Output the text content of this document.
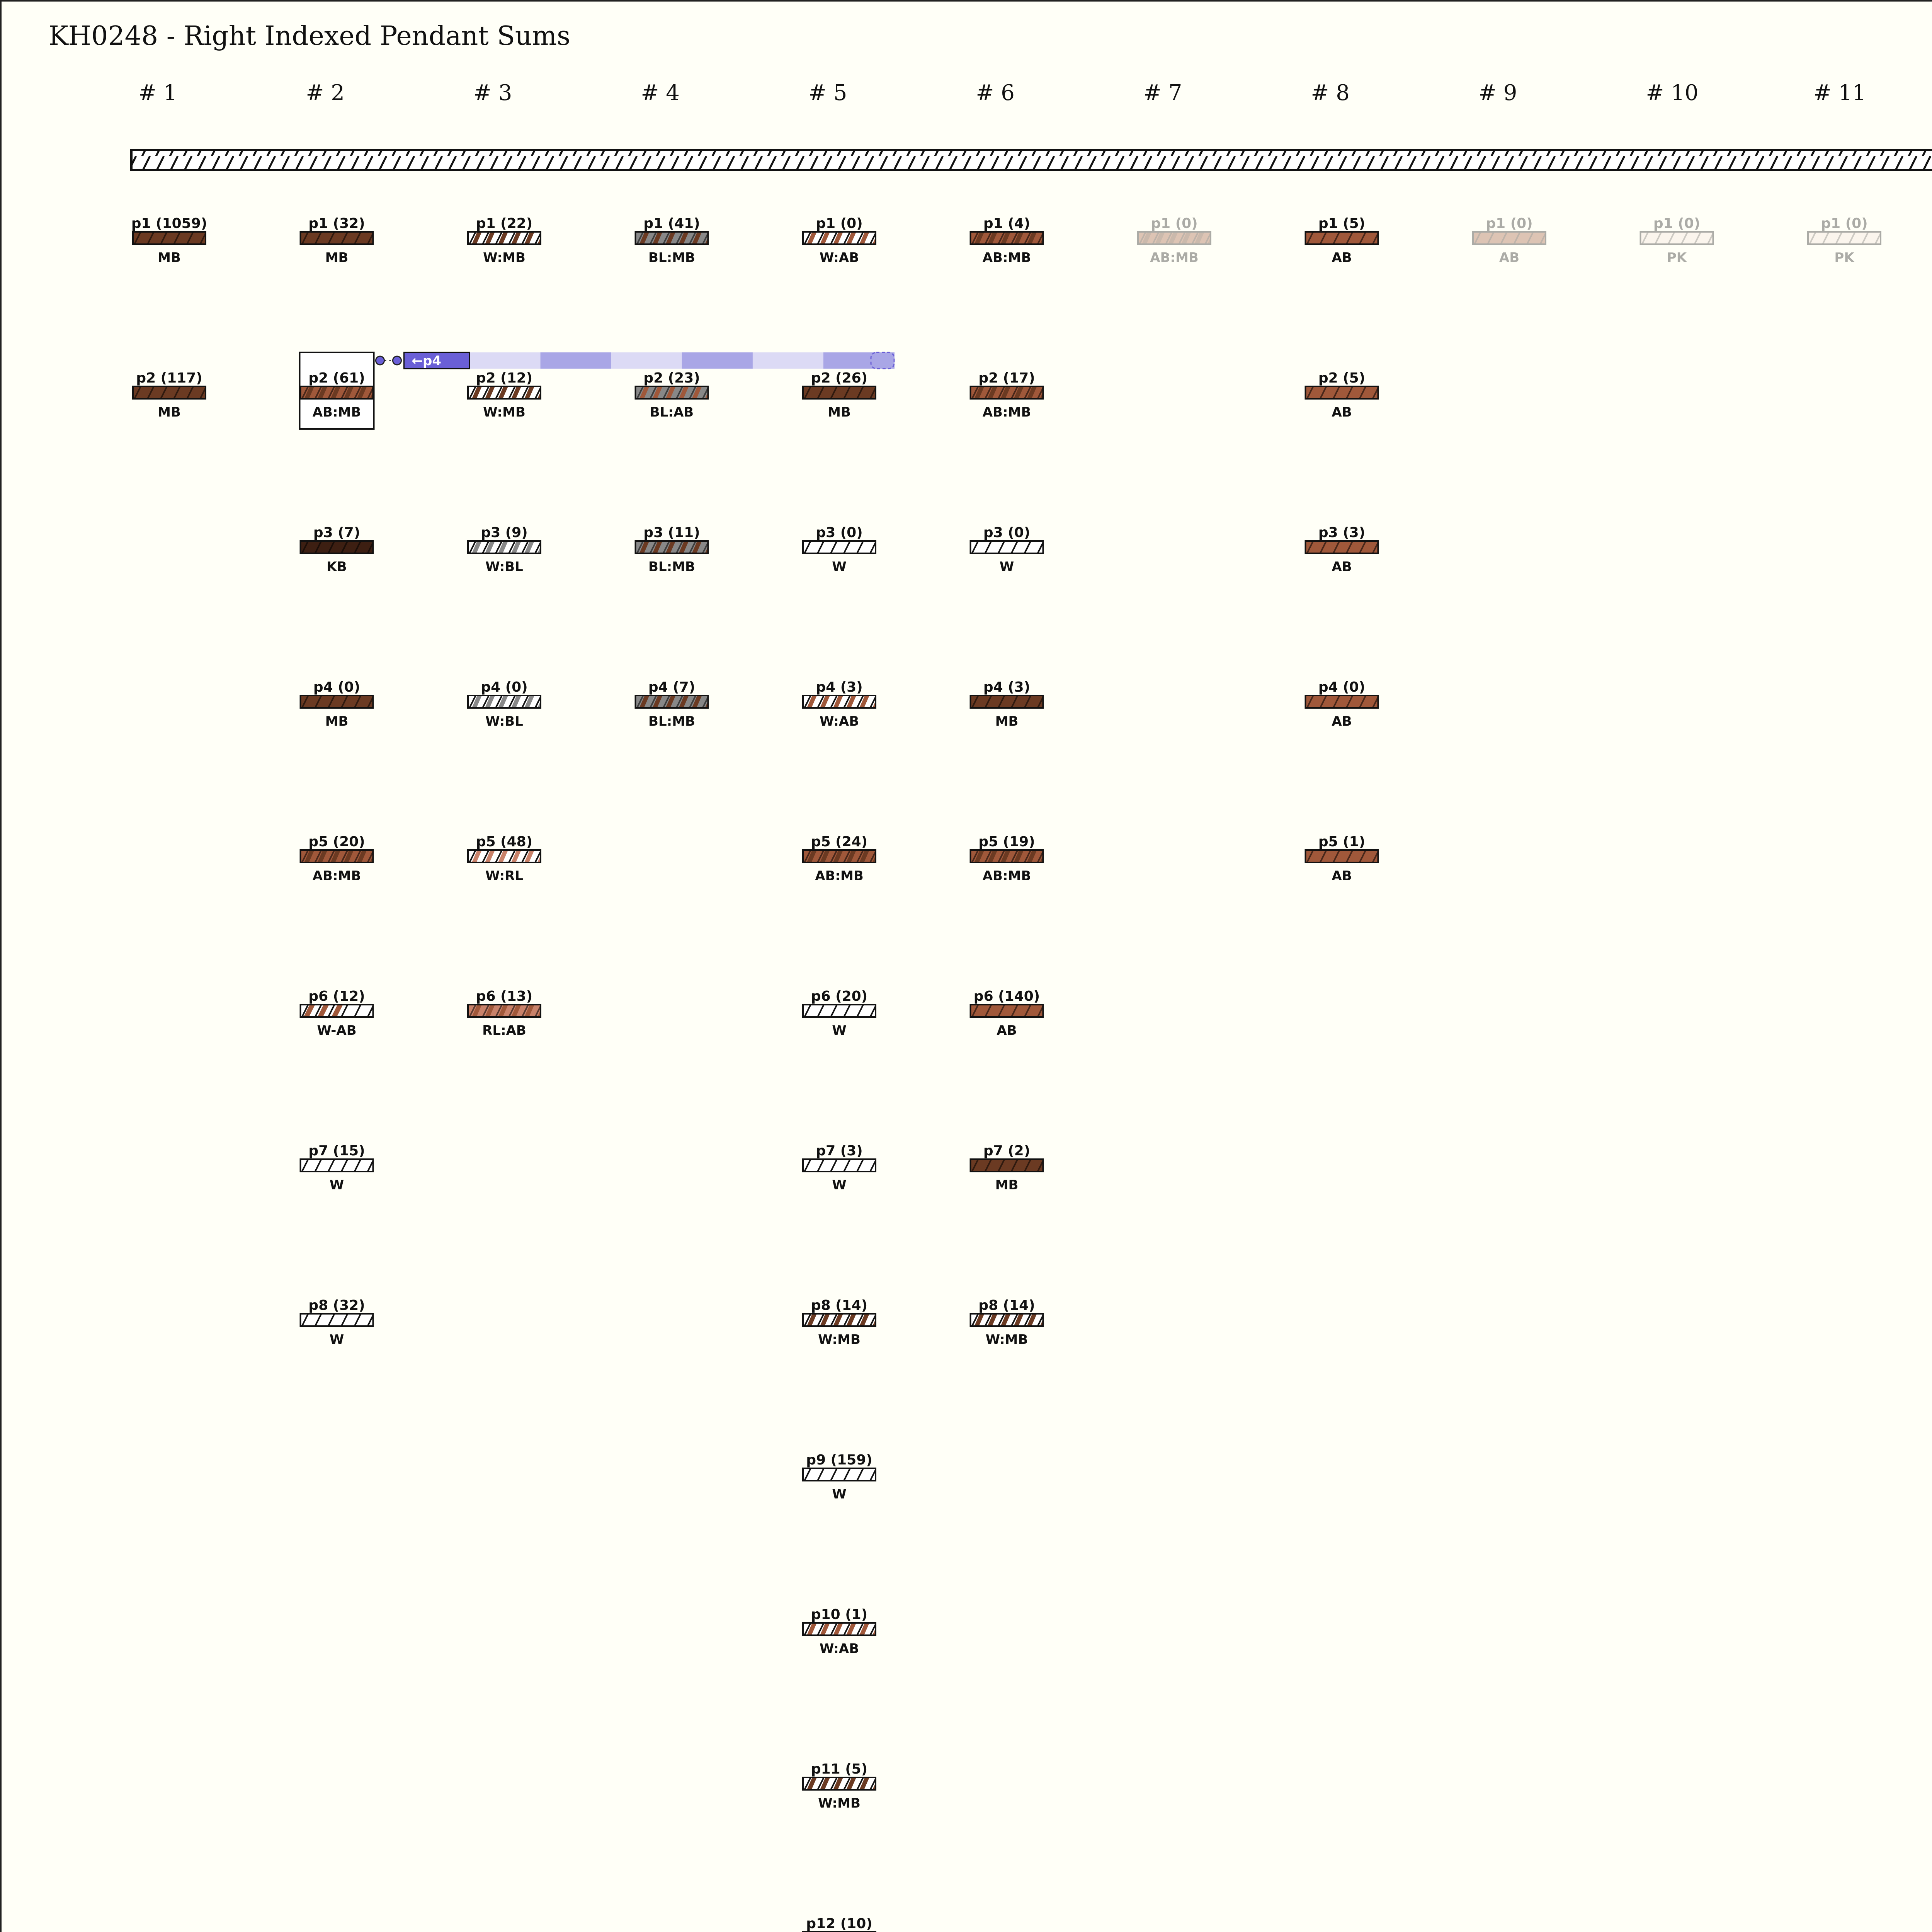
KH0248 - Right Indexed Pendant Sums
←p4
# 1
p1 (1059)
MB
p2 (117)
MB
# 2
p1 (32)
MB
p2 (61)
AB:MB
p3 (7)
KB
p4 (0)
MB
p5 (20)
AB:MB
p6 (12)
W-AB
p7 (15)
W
p8 (32)
W
# 3
p1 (22)
W:MB
p2 (12)
W:MB
p3 (9)
W:BL
p4 (0)
W:BL
p5 (48)
W:RL
p6 (13)
RL:AB
# 4
p1 (41)
BL:MB
p2 (23)
BL:AB
p3 (11)
BL:MB
p4 (7)
BL:MB
# 5
p1 (0)
W:AB
p2 (26)
MB
p3 (0)
W
p4 (3)
W:AB
p5 (24)
AB:MB
p6 (20)
W
p7 (3)
W
p8 (14)
W:MB
p9 (159)
W
p10 (1)
W:AB
p11 (5)
W:MB
p12 (10)
# 6
p1 (4)
AB:MB
p2 (17)
AB:MB
p3 (0)
W
p4 (3)
MB
p5 (19)
AB:MB
p6 (140)
AB
p7 (2)
MB
p8 (14)
W:MB
# 7
p1 (0)
AB:MB
# 8
p1 (5)
AB
p2 (5)
AB
p3 (3)
AB
p4 (0)
AB
p5 (1)
AB
# 9
p1 (0)
AB
# 10
p1 (0)
PK
# 11
p1 (0)
PK
